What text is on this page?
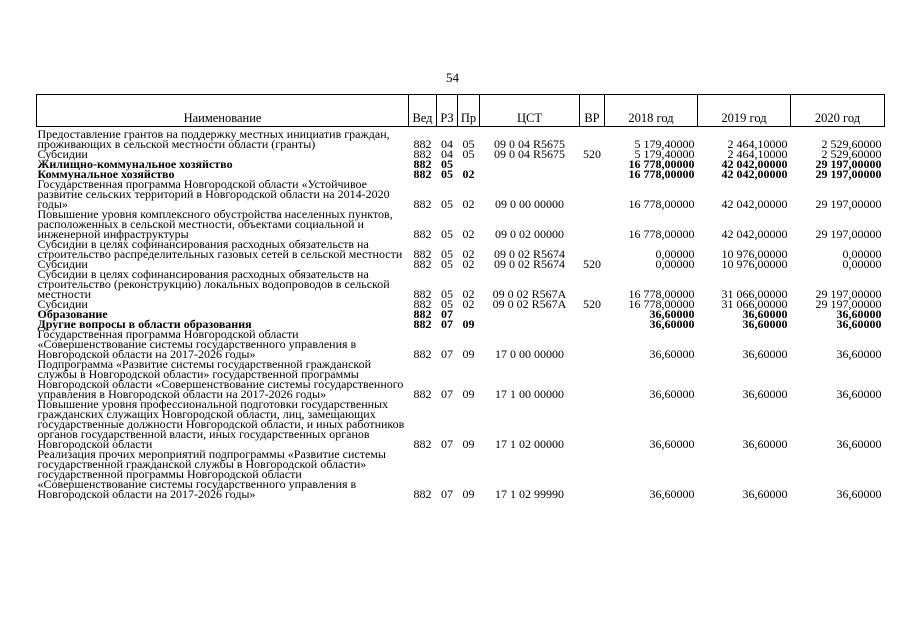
54
Наименование	Вед	РЗ	Пр	ЦСТ	ВР	2018 год	2019 год	2020 год
Предоставление грантов на поддержку местных инициатив граждан, проживающих в сельской местности области (гранты)	882	04	05	09 0 04 R5675		5 179,40000	2 464,10000	2 529,60000
Субсидии	882	04	05	09 0 04 R5675	520	5 179,40000	2 464,10000	2 529,60000
Жилищно-коммунальное хозяйство	882	05				16 778,00000	42 042,00000	29 197,00000
Коммунальное хозяйство	882	05	02			16 778,00000	42 042,00000	29 197,00000
Государственная программа Новгородской области «Устойчивое развитие сельских территорий в Новгородской области на 2014-2020 годы»	882	05	02	09 0 00 00000		16 778,00000	42 042,00000	29 197,00000
Повышение уровня комплексного обустройства населенных пунктов, расположенных в сельской местности, объектами социальной и инженерной инфраструктуры	882	05	02	09 0 02 00000		16 778,00000	42 042,00000	29 197,00000
Субсидии в целях софинансирования расходных обязательств на строительство распределительных газовых сетей в сельской местности	882	05	02	09 0 02 R5674		0,00000	10 976,00000	0,00000
Субсидии	882	05	02	09 0 02 R5674	520	0,00000	10 976,00000	0,00000
Субсидии в целях софинансирования расходных обязательств на строительство (реконструкцию) локальных водопроводов в сельской местности	882	05	02	09 0 02 R567A		16 778,00000	31 066,00000	29 197,00000
Субсидии	882	05	02	09 0 02 R567A	520	16 778,00000	31 066,00000	29 197,00000
Образование	882	07				36,60000	36,60000	36,60000
Другие вопросы в области образования	882	07	09			36,60000	36,60000	36,60000
Государственная программа Новгородской области «Совершенствование системы государственного управления в Новгородской области на 2017-2026 годы»	882	07	09	17 0 00 00000		36,60000	36,60000	36,60000
Подпрограмма «Развитие системы государственной гражданской службы в Новгородской области» государственной программы Новгородской области «Совершенствование системы государственного управления в Новгородской области на 2017-2026 годы»	882	07	09	17 1 00 00000		36,60000	36,60000	36,60000
Повышение уровня профессиональной подготовки государственных гражданских служащих Новгородской области, лиц, замещающих государственные должности Новгородской области, и иных работников органов государственной власти, иных государственных органов Новгородской области	882	07	09	17 1 02 00000		36,60000	36,60000	36,60000
Реализация прочих мероприятий подпрограммы «Развитие системы государственной гражданской службы в Новгородской области» государственной программы Новгородской области «Совершенствование системы государственного управления в Новгородской области на 2017-2026 годы»	882	07	09	17 1 02 99990		36,60000	36,60000	36,60000
